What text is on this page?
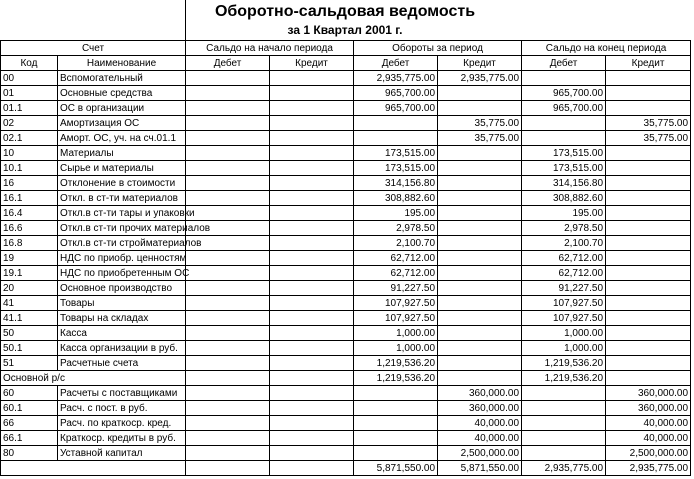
Оборотно-сальдовая ведомость
за 1 Квартал 2001 г.
Счет		Сальдо на начало периода		Обороты за период		Сальдо на конец периода	
Код	Наименование	Дебет	Кредит	Дебет	Кредит	Дебет	Кредит
00	Вспомогательный			2,935,775.00	2,935,775.00		
01	Основные средства			965,700.00		965,700.00	
01.1	ОС в организации			965,700.00		965,700.00	
02	Амортизация ОС				35,775.00		35,775.00
02.1	Аморт. ОС, уч. на сч.01.1				35,775.00		35,775.00
10	Материалы			173,515.00		173,515.00	
10.1	Сырье и материалы			173,515.00		173,515.00	
16	Отклонение в стоимости			314,156.80		314,156.80	
16.1	Откл. в ст-ти материалов			308,882.60		308,882.60	
16.4	Откл.в ст-ти тары и упаковки			195.00		195.00	
16.6	Откл.в ст-ти прочих материалов			2,978.50		2,978.50	
16.8	Откл.в ст-ти стройматериалов			2,100.70		2,100.70	
19	НДС по приобр. ценностям			62,712.00		62,712.00	
19.1	НДС по приобретенным ОС			62,712.00		62,712.00	
20	Основное производство			91,227.50		91,227.50	
41	Товары			107,927.50		107,927.50	
41.1	Товары на складах			107,927.50		107,927.50	
50	Касса			1,000.00		1,000.00	
50.1	Касса организации в руб.			1,000.00		1,000.00	
51	Расчетные счета			1,219,536.20		1,219,536.20	
Основной р/с				1,219,536.20		1,219,536.20	
60	Расчеты с поставщиками				360,000.00		360,000.00
60.1	Расч. с пост. в руб.				360,000.00		360,000.00
66	Расч. по краткоср. кред.				40,000.00		40,000.00
66.1	Краткоср. кредиты в руб.				40,000.00		40,000.00
80	Уставной капитал				2,500,000.00		2,500,000.00
				5,871,550.00	5,871,550.00	2,935,775.00	2,935,775.00
